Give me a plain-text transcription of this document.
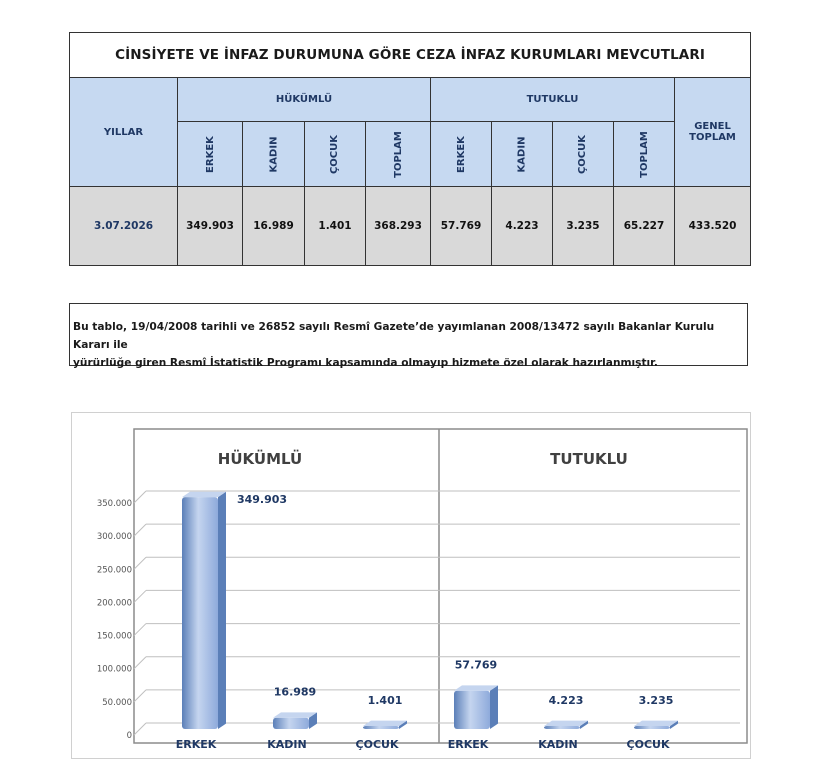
CİNSİYETE VE İNFAZ DURUMUNA GÖRE CEZA İNFAZ KURUMLARI MEVCUTLARI									
YILLAR	HÜKÜMLÜ				TUTUKLU				GENEL
TOPLAM

	ERKEK	KADIN	ÇOCUK	TOPLAM	ERKEK	KADIN	ÇOCUK	TOPLAM	
3.07.2026	349.903	16.989	1.401	368.293	57.769	4.223	3.235	65.227	433.520
Bu tablo, 19/04/2008 tarihli ve 26852 sayılı Resmî Gazete’de yayımlanan 2008/13472 sayılı Bakanlar Kurulu Kararı ile
yürürlüğe giren Resmî İstatistik Programı kapsamında olmayıp hizmete özel olarak hazırlanmıştır.
0
50.000
100.000
150.000
200.000
250.000
300.000
350.000
HÜKÜMLÜ	TUTUKLU
349.903
ERKEK
16.989
KADIN
1.401
ÇOCUK
57.769
ERKEK
4.223
KADIN
3.235
ÇOCUK
